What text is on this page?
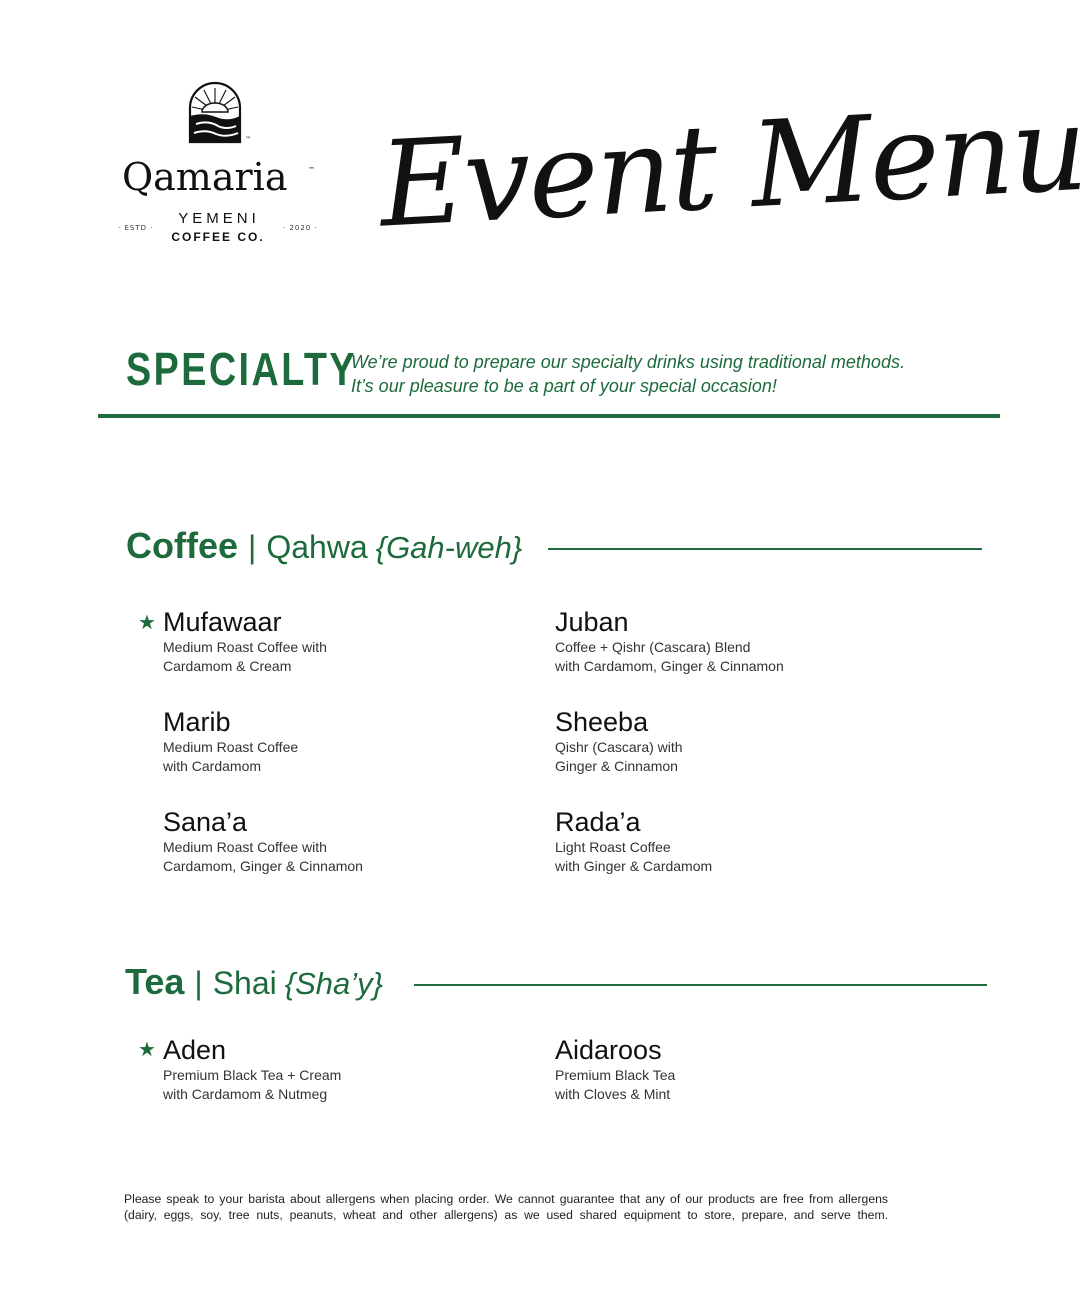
™
Qamaria	™
· ESTD ·
YEMENI
· 2020 ·
COFFEE CO. Event Menu
SPECIALTY
We’re proud to prepare our specialty drinks using traditional methods.
It’s our pleasure to be a part of your special occasion!
Coffee | Qahwa {Gah-weh}
★ Mufawaar
Medium Roast Coffee with
Cardamom & Cream
Juban
Coffee + Qishr (Cascara) Blend
with Cardamom, Ginger & Cinnamon
Marib
Medium Roast Coffee
with Cardamom
Sheeba
Qishr (Cascara) with
Ginger & Cinnamon
Sana’a
Medium Roast Coffee with
Cardamom, Ginger & Cinnamon
Rada’a
Light Roast Coffee
with Ginger & Cardamom
Tea | Shai {Sha’y}
★ Aden
Premium Black Tea + Cream
with Cardamom & Nutmeg
Aidaroos
Premium Black Tea
with Cloves & Mint
Please speak to your barista about allergens when placing order. We cannot guarantee that any of our products are free from allergens
(dairy, eggs, soy, tree nuts, peanuts, wheat and other allergens) as we used shared equipment to store, prepare, and serve them.
